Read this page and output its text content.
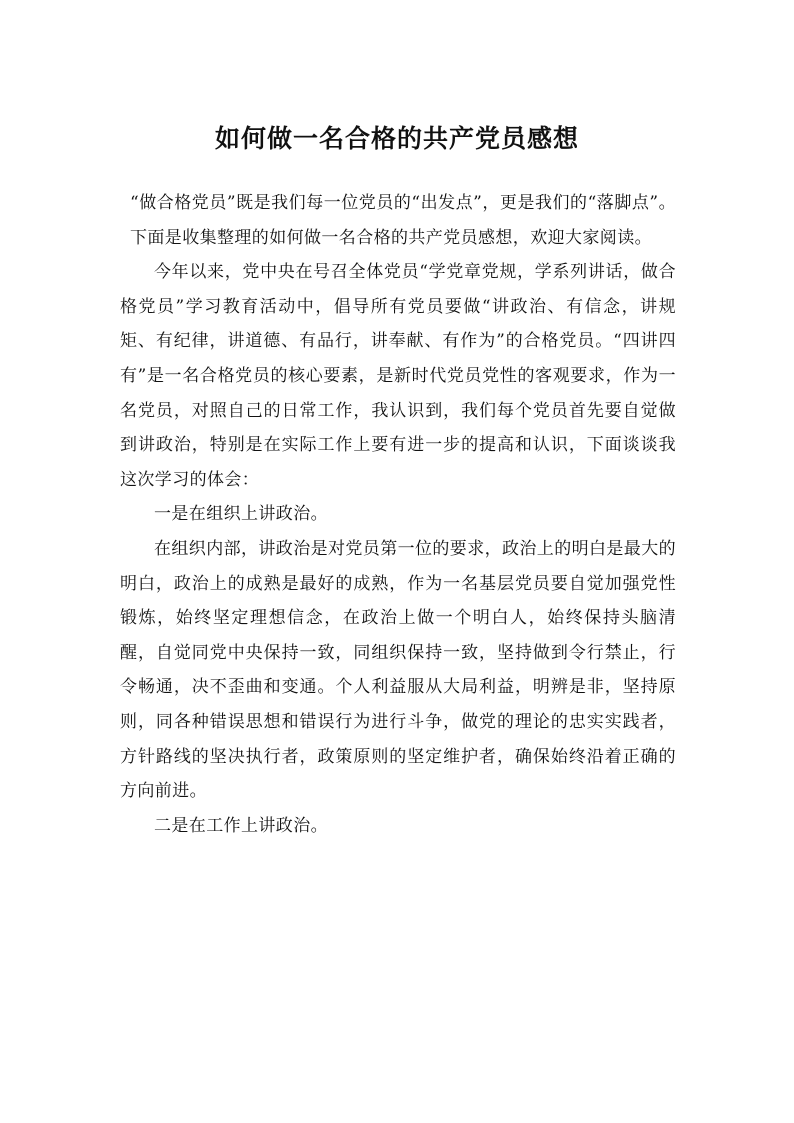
如何做一名合格的共产党员感想

“做合格党员”既是我们每一位党员的“出发点”，更是我们的“落脚点”。下面是收集整理的如何做一名合格的共产党员感想，欢迎大家阅读。

今年以来，党中央在号召全体党员“学党章党规，学系列讲话，做合格党员”学习教育活动中，倡导所有党员要做“讲政治、有信念，讲规矩、有纪律，讲道德、有品行，讲奉献、有作为”的合格党员。“四讲四有”是一名合格党员的核心要素，是新时代党员党性的客观要求，作为一名党员，对照自己的日常工作，我认识到，我们每个党员首先要自觉做到讲政治，特别是在实际工作上要有进一步的提高和认识，下面谈谈我这次学习的体会：

一是在组织上讲政治。

在组织内部，讲政治是对党员第一位的要求，政治上的明白是最大的明白，政治上的成熟是最好的成熟，作为一名基层党员要自觉加强党性锻炼，始终坚定理想信念，在政治上做一个明白人，始终保持头脑清醒，自觉同党中央保持一致，同组织保持一致，坚持做到令行禁止，行令畅通，决不歪曲和变通。个人利益服从大局利益，明辨是非，坚持原则，同各种错误思想和错误行为进行斗争，做党的理论的忠实实践者，方针路线的坚决执行者，政策原则的坚定维护者，确保始终沿着正确的方向前进。

二是在工作上讲政治。
